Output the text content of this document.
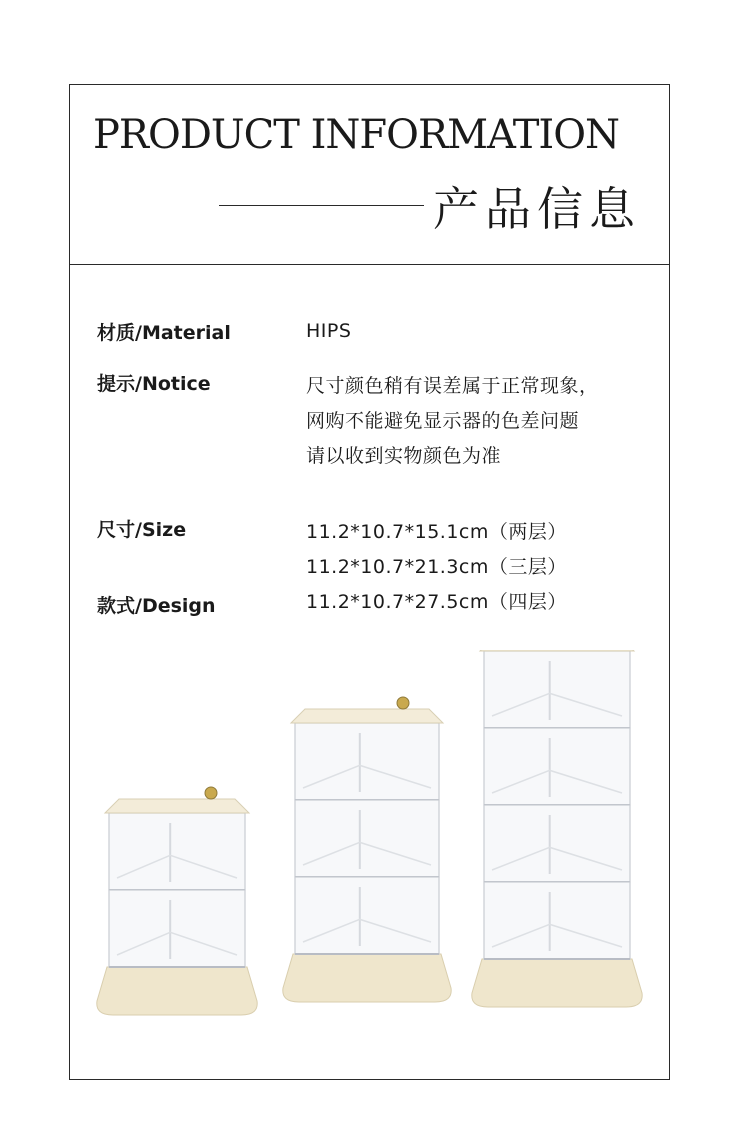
PRODUCT INFORMATION
产品信息
材质/Material	HIPS
提示/Notice	尺寸颜色稍有误差属于正常现象，
网购不能避免显示器的色差问题
请以收到实物颜色为准
尺寸/Size	11.2*10.7*15.1cm（两层）
11.2*10.7*21.3cm（三层）
11.2*10.7*27.5cm（四层）
款式/Design
